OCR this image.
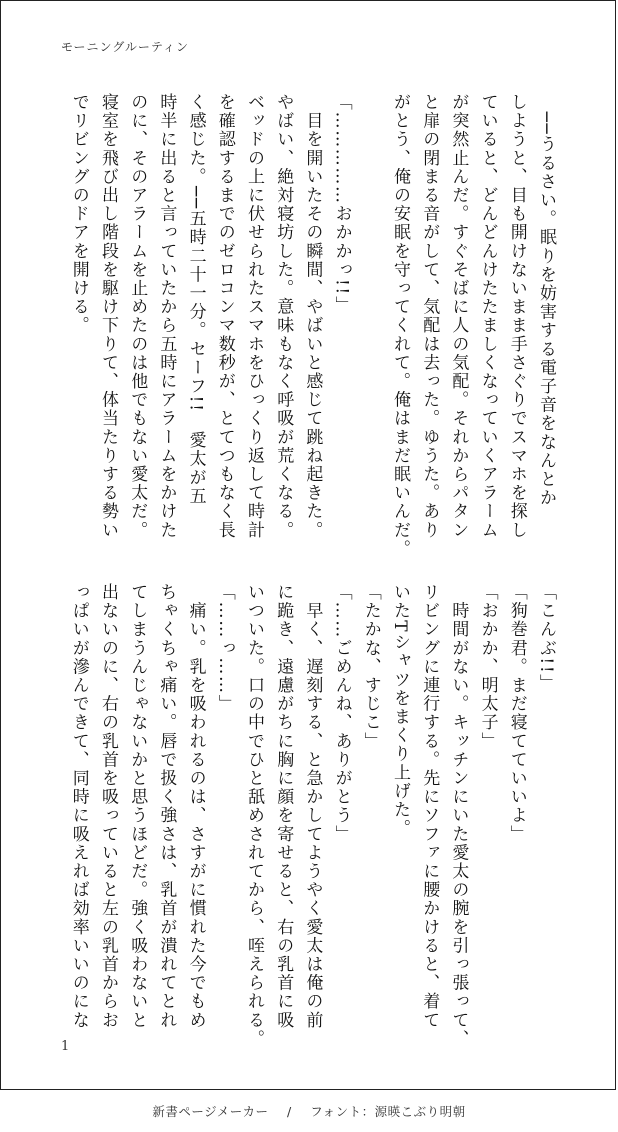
モーニングルーティン
　──うるさい。眠りを妨害する電子音をなんとか
しようと、目も開けないまま手さぐりでスマホを探し
ていると、どんどんけたたましくなっていくアラーム
が突然止んだ。すぐそばに人の気配。それからパタン
と扉の閉まる音がして、気配は去った。ゆうた。あり
がとう、俺の安眠を守ってくれて。俺はまだ眠いんだ。
「……………おかかっ!!」
　目を開いたその瞬間、やばいと感じて跳ね起きた。
やばい、絶対寝坊した。意味もなく呼吸が荒くなる。
ベッドの上に伏せられたスマホをひっくり返して時計
を確認するまでのゼロコンマ数秒が、とてつもなく長
く感じた。──五時二十一分。セーフ!!　愛太が五
時半に出ると言っていたから五時にアラームをかけた
のに、そのアラームを止めたのは他でもない愛太だ。
寝室を飛び出し階段を駆け下りて、体当たりする勢い
でリビングのドアを開ける。
「こんぶ!!」
「狗巻君。まだ寝てていいよ」
「おかか、明太子」
　時間がない。キッチンにいた愛太の腕を引っ張って、
リビングに連行する。先にソファに腰かけると、着て
いたTシャツをまくり上げた。
「たかな、すじこ」
「……ごめんね、ありがとう」
　早く、遅刻する、と急かしてようやく愛太は俺の前
に跪き、遠慮がちに胸に顔を寄せると、右の乳首に吸
いついた。口の中でひと舐めされてから、咥えられる。
「……っ……」
　痛い。乳を吸われるのは、さすがに慣れた今でもめ
ちゃくちゃ痛い。唇で扱く強さは、乳首が潰れてとれ
てしまうんじゃないかと思うほどだ。強く吸わないと
出ないのに、右の乳首を吸っていると左の乳首からお
っぱいが滲んできて、同時に吸えれば効率いいのにな
1
新書ページメーカー / フォント：源暎こぶり明朝
